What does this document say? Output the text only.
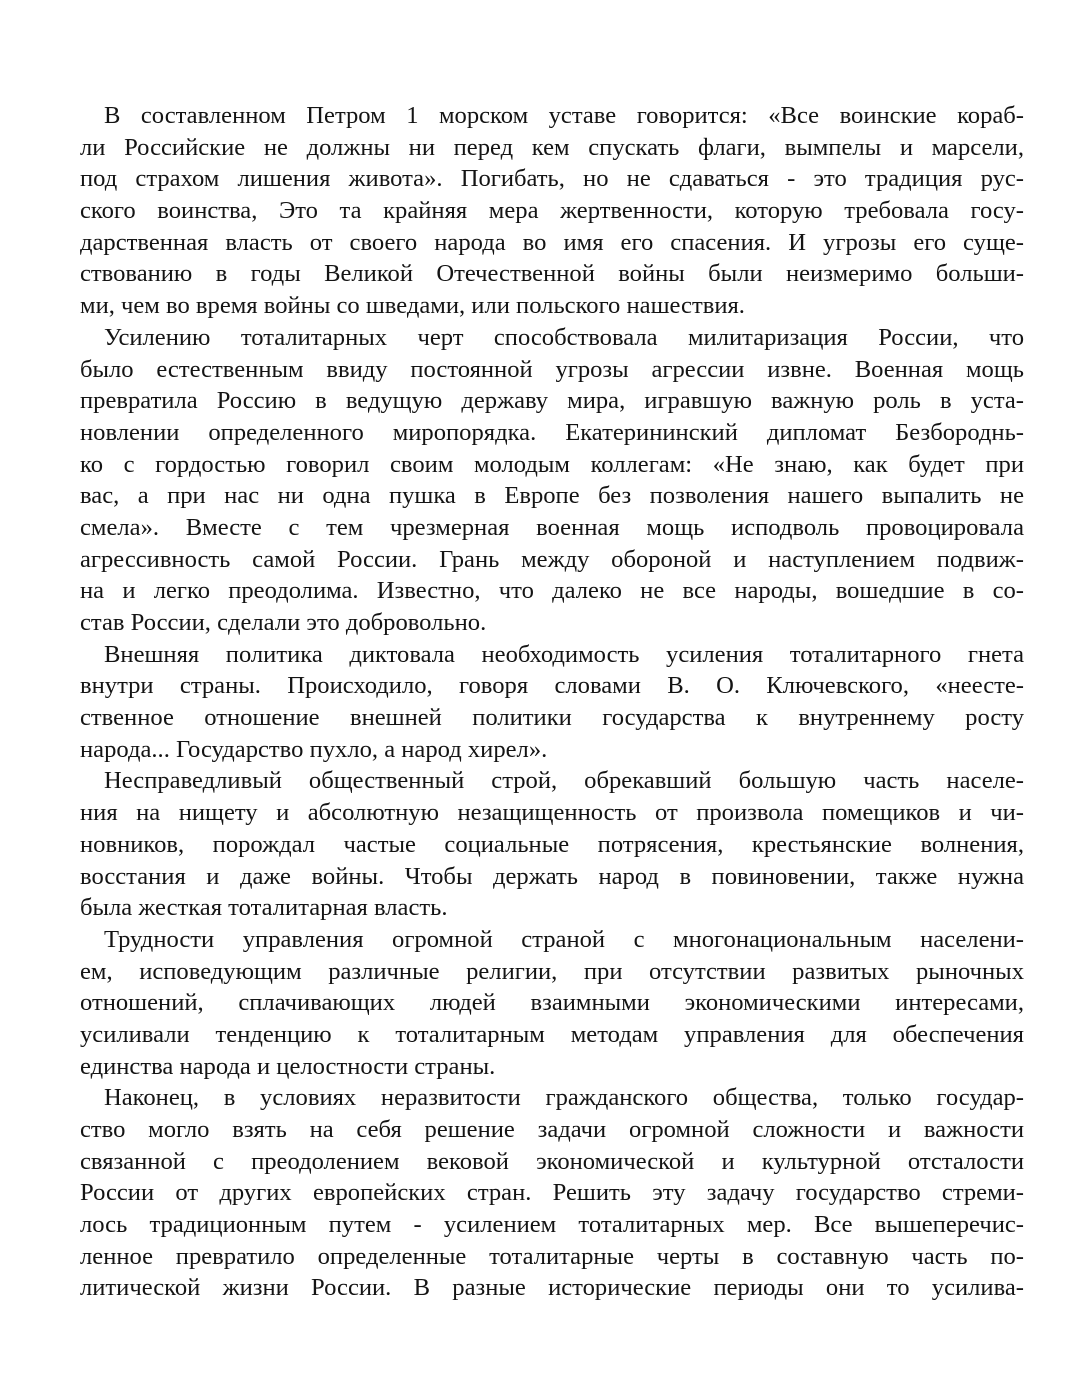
В составленном Петром 1 морском уставе говорится: «Все воинские кораб-
ли Российские не должны ни перед кем спускать флаги, вымпелы и марсели,
под страхом лишения живота». Погибать, но не сдаваться - это традиция рус-
ского воинства, Это та крайняя мера жертвенности, которую требовала госу-
дарственная власть от своего народа во имя его спасения. И угрозы его суще-
ствованию в годы Великой Отечественной войны были неизмеримо больши-
ми, чем во время войны со шведами, или польского нашествия.
Усилению тоталитарных черт способствовала милитаризация России, что
было естественным ввиду постоянной угрозы агрессии извне. Военная мощь
превратила Россию в ведущую державу мира, игравшую важную роль в уста-
новлении определенного миропорядка. Екатерининский дипломат Безбороднь-
ко с гордостью говорил своим молодым коллегам: «Не знаю, как будет при
вас, а при нас ни одна пушка в Европе без позволения нашего выпалить не
смела». Вместе с тем чрезмерная военная мощь исподволь провоцировала
агрессивность самой России. Грань между обороной и наступлением подвиж-
на и легко преодолима. Известно, что далеко не все народы, вошедшие в со-
став России, сделали это добровольно.
Внешняя политика диктовала необходимость усиления тоталитарного гнета
внутри страны. Происходило, говоря словами В. О. Ключевского, «неесте-
ственное отношение внешней политики государства к внутреннему росту
народа... Государство пухло, а народ хирел».
Несправедливый общественный строй, обрекавший большую часть населе-
ния на нищету и абсолютную незащищенность от произвола помещиков и чи-
новников, порождал частые социальные потрясения, крестьянские волнения,
восстания и даже войны. Чтобы держать народ в повиновении, также нужна
была жесткая тоталитарная власть.
Трудности управления огромной страной с многонациональным населени-
ем, исповедующим различные религии, при отсутствии развитых рыночных
отношений, сплачивающих людей взаимными экономическими интересами,
усиливали тенденцию к тоталитарным методам управления для обеспечения
единства народа и целостности страны.
Наконец, в условиях неразвитости гражданского общества, только государ-
ство могло взять на себя решение задачи огромной сложности и важности
связанной с преодолением вековой экономической и культурной отсталости
России от других европейских стран. Решить эту задачу государство стреми-
лось традиционным путем - усилением тоталитарных мер. Все вышеперечис-
ленное превратило определенные тоталитарные черты в составную часть по-
литической жизни России. В разные исторические периоды они то усилива-
